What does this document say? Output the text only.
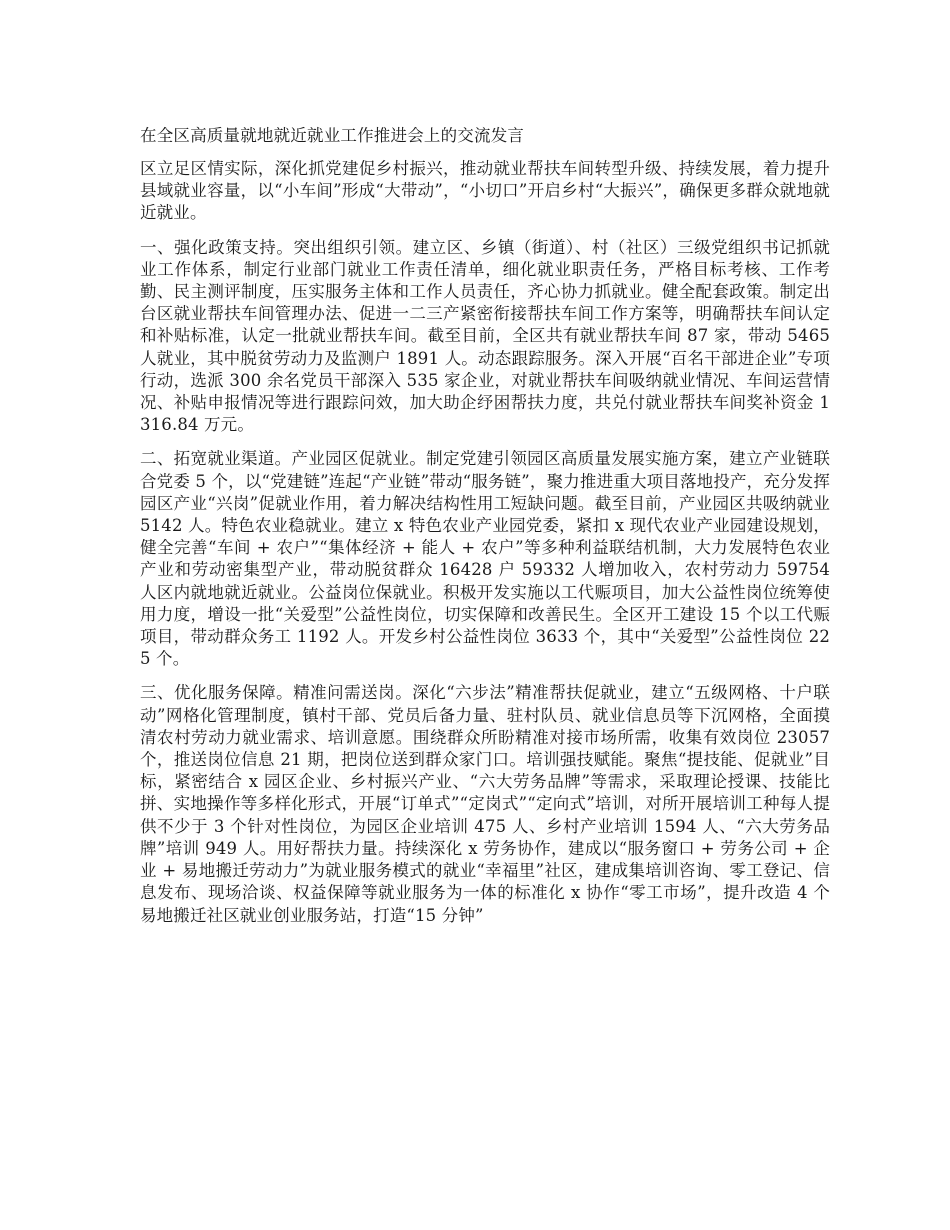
在全区高质量就地就近就业工作推进会上的交流发言

区立足区情实际，深化抓党建促乡村振兴，推动就业帮扶车间转型升级、持续发展，着力提升县域就业容量，以“小车间”形成“大带动”，“小切口”开启乡村“大振兴”，确保更多群众就地就近就业。

一、强化政策支持。突出组织引领。建立区、乡镇（街道）、村（社区）三级党组织书记抓就业工作体系，制定行业部门就业工作责任清单，细化就业职责任务，严格目标考核、工作考勤、民主测评制度，压实服务主体和工作人员责任，齐心协力抓就业。健全配套政策。制定出台区就业帮扶车间管理办法、促进一二三产紧密衔接帮扶车间工作方案等，明确帮扶车间认定和补贴标准，认定一批就业帮扶车间。截至目前，全区共有就业帮扶车间 87 家，带动 5465 人就业，其中脱贫劳动力及监测户 1891 人。动态跟踪服务。深入开展“百名干部进企业”专项行动，选派 300 余名党员干部深入 535 家企业，对就业帮扶车间吸纳就业情况、车间运营情况、补贴申报情况等进行跟踪问效，加大助企纾困帮扶力度，共兑付就业帮扶车间奖补资金 1316.84 万元。

二、拓宽就业渠道。产业园区促就业。制定党建引领园区高质量发展实施方案，建立产业链联合党委 5 个，以“党建链”连起“产业链”带动“服务链”，聚力推进重大项目落地投产，充分发挥园区产业“兴岗”促就业作用，着力解决结构性用工短缺问题。截至目前，产业园区共吸纳就业 5142 人。特色农业稳就业。建立 x 特色农业产业园党委，紧扣 x 现代农业产业园建设规划，健全完善“车间 + 农户”“集体经济 + 能人 + 农户”等多种利益联结机制，大力发展特色农业产业和劳动密集型产业，带动脱贫群众 16428 户 59332 人增加收入，农村劳动力 59754 人区内就地就近就业。公益岗位保就业。积极开发实施以工代赈项目，加大公益性岗位统筹使用力度，增设一批“关爱型”公益性岗位，切实保障和改善民生。全区开工建设 15 个以工代赈项目，带动群众务工 1192 人。开发乡村公益性岗位 3633 个，其中“关爱型”公益性岗位 225 个。

三、优化服务保障。精准问需送岗。深化“六步法”精准帮扶促就业，建立“五级网格、十户联动”网格化管理制度，镇村干部、党员后备力量、驻村队员、就业信息员等下沉网格，全面摸清农村劳动力就业需求、培训意愿。围绕群众所盼精准对接市场所需，收集有效岗位 23057 个，推送岗位信息 21 期，把岗位送到群众家门口。培训强技赋能。聚焦“提技能、促就业”目标，紧密结合 x 园区企业、乡村振兴产业、“六大劳务品牌”等需求，采取理论授课、技能比拼、实地操作等多样化形式，开展“订单式”“定岗式”“定向式”培训，对所开展培训工种每人提供不少于 3 个针对性岗位，为园区企业培训 475 人、乡村产业培训 1594 人、“六大劳务品牌”培训 949 人。用好帮扶力量。持续深化 x 劳务协作，建成以“服务窗口 + 劳务公司 + 企业 + 易地搬迁劳动力”为就业服务模式的就业“幸福里”社区，建成集培训咨询、零工登记、信息发布、现场洽谈、权益保障等就业服务为一体的标准化 x 协作“零工市场”，提升改造 4 个易地搬迁社区就业创业服务站，打造“15 分钟”
